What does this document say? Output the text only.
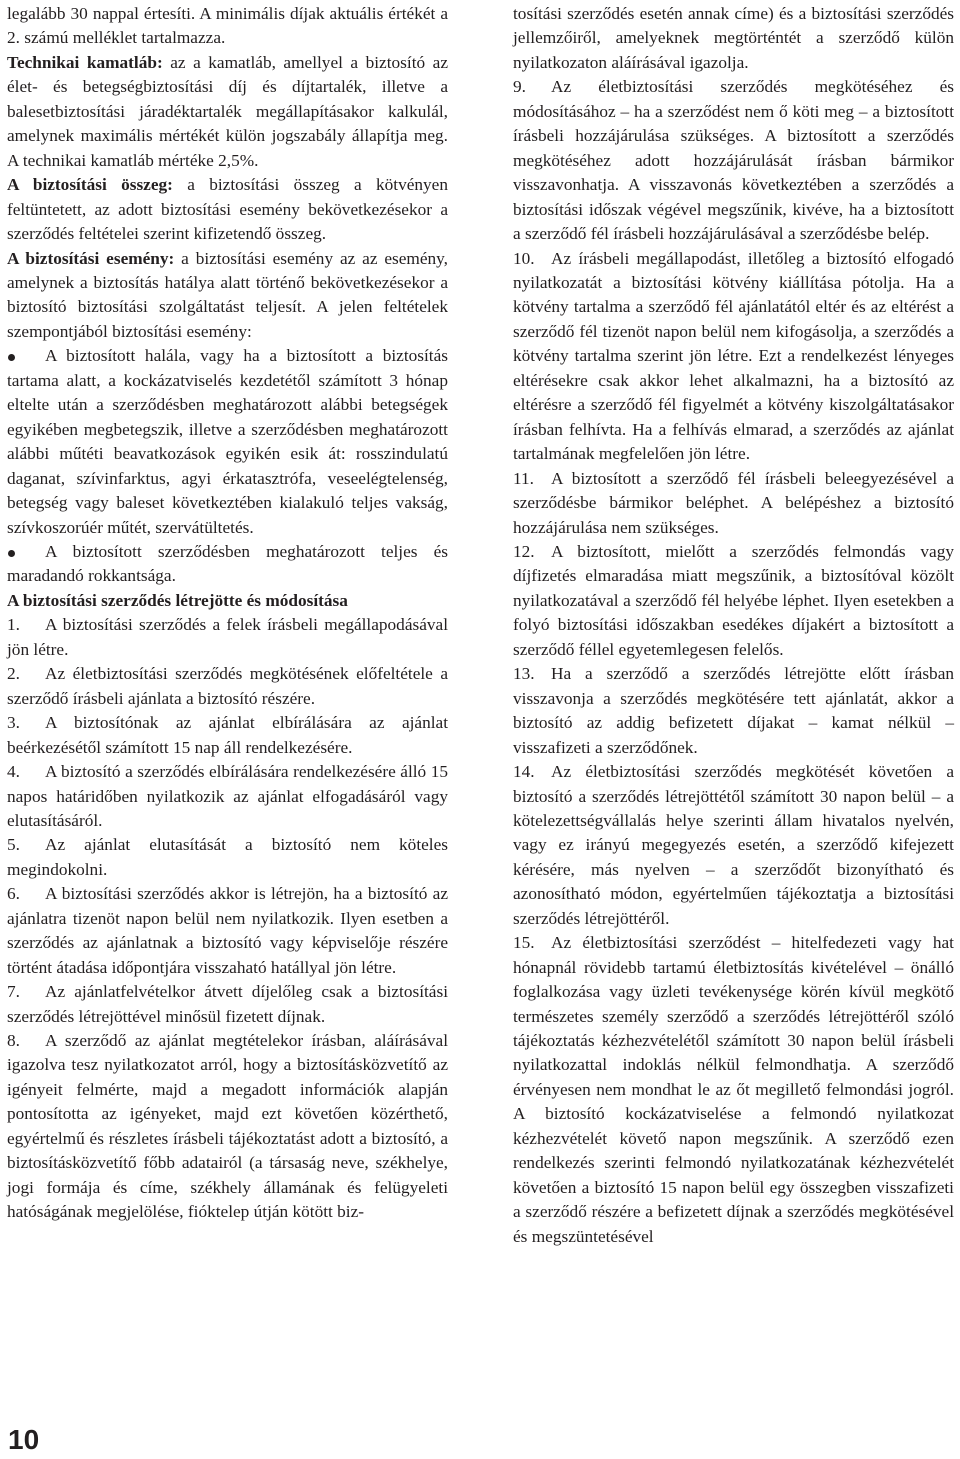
legalább 30 nappal értesíti. A minimális díjak aktuális értékét a 2. számú melléklet tartalmazza.

Technikai kamatláb: az a kamatláb, amellyel a biztosító az élet- és betegségbiztosítási díj és díjtartalék, illetve a balesetbiztosítási járadéktartalék megállapításakor kalkulál, amelynek maximális mértékét külön jogszabály állapítja meg. A technikai kamatláb mértéke 2,5%.

A biztosítási összeg: a biztosítási összeg a kötvényen feltüntetett, az adott biztosítási esemény bekövetkezésekor a szerződés feltételei szerint kifizetendő összeg.

A biztosítási esemény: a biztosítási esemény az az esemény, amelynek a biztosítás hatálya alatt történő bekövetkezésekor a biztosító biztosítási szolgáltatást teljesít. A jelen feltételek szempontjából biztosítási esemény:

A biztosított halála, vagy ha a biztosított a biztosítás tartama alatt, a kockázatviselés kezdetétől számított 3 hónap eltelte után a szerződésben meghatározott alábbi betegségek egyikében megbetegszik, illetve a szerződésben meghatározott alábbi műtéti beavatkozások egyikén esik át: rosszindulatú daganat, szívinfarktus, agyi érkatasztrófa, veseelégtelenség, betegség vagy baleset következtében kialakuló teljes vakság, szívkoszorúér műtét, szervátültetés.

A biztosított szerződésben meghatározott teljes és maradandó rokkantsága.

A biztosítási szerződés létrejötte és módosítása

1. A biztosítási szerződés a felek írásbeli megállapodásával jön létre.

2. Az életbiztosítási szerződés megkötésének előfeltétele a szerződő írásbeli ajánlata a biztosító részére.

3. A biztosítónak az ajánlat elbírálására az ajánlat beérkezésétől számított 15 nap áll rendelkezésére.

4. A biztosító a szerződés elbírálására rendelkezésére álló 15 napos határidőben nyilatkozik az ajánlat elfogadásáról vagy elutasításáról.

5. Az ajánlat elutasítását a biztosító nem köteles megindokolni.

6. A biztosítási szerződés akkor is létrejön, ha a biztosító az ajánlatra tizenöt napon belül nem nyilatkozik. Ilyen esetben a szerződés az ajánlatnak a biztosító vagy képviselője részére történt átadása időpontjára visszaható hatállyal jön létre.

7. Az ajánlatfelvételkor átvett díjelőleg csak a biztosítási szerződés létrejöttével minősül fizetett díjnak.

8. A szerződő az ajánlat megtételekor írásban, aláírásával igazolva tesz nyilatkozatot arról, hogy a biztosításközvetítő az igényeit felmérte, majd a megadott információk alapján pontosította az igényeket, majd ezt követően közérthető, egyértelmű és részletes írásbeli tájékoztatást adott a biztosító, a biztosításközvetítő főbb adatairól (a társaság neve, székhelye, jogi formája és címe, székhely államának és felügyeleti hatóságának megjelölése, fióktelep útján kötött biz-

tosítási szerződés esetén annak címe) és a biztosítási szerződés jellemzőiről, amelyeknek megtörténtét a szerződő külön nyilatkozaton aláírásával igazolja.

9. Az életbiztosítási szerződés megkötéséhez és módosításához – ha a szerződést nem ő köti meg – a biztosított írásbeli hozzájárulása szükséges. A biztosított a szerződés megkötéséhez adott hozzájárulását írásban bármikor visszavonhatja. A visszavonás következtében a szerződés a biztosítási időszak végével megszűnik, kivéve, ha a biztosított a szerződő fél írásbeli hozzájárulásával a szerződésbe belép.

10. Az írásbeli megállapodást, illetőleg a biztosító elfogadó nyilatkozatát a biztosítási kötvény kiállítása pótolja. Ha a kötvény tartalma a szerződő fél ajánlatától eltér és az eltérést a szerződő fél tizenöt napon belül nem kifogásolja, a szerződés a kötvény tartalma szerint jön létre. Ezt a rendelkezést lényeges eltérésekre csak akkor lehet alkalmazni, ha a biztosító az eltérésre a szerződő fél figyelmét a kötvény kiszolgáltatásakor írásban felhívta. Ha a felhívás elmarad, a szerződés az ajánlat tartalmának megfelelően jön létre.

11. A biztosított a szerződő fél írásbeli beleegyezésével a szerződésbe bármikor beléphet. A belépéshez a biztosító hozzájárulása nem szükséges.

12. A biztosított, mielőtt a szerződés felmondás vagy díjfizetés elmaradása miatt megszűnik, a biztosítóval közölt nyilatkozatával a szerződő fél helyébe léphet. Ilyen esetekben a folyó biztosítási időszakban esedékes díjakért a biztosított a szerződő féllel egyetemlegesen felelős.

13. Ha a szerződő a szerződés létrejötte előtt írásban visszavonja a szerződés megkötésére tett ajánlatát, akkor a biztosító az addig befizetett díjakat – kamat nélkül – visszafizeti a szerződőnek.

14. Az életbiztosítási szerződés megkötését követően a biztosító a szerződés létrejöttétől számított 30 napon belül – a kötelezettségvállalás helye szerinti állam hivatalos nyelvén, vagy ez irányú megegyezés esetén, a szerződő kifejezett kérésére, más nyelven – a szerződőt bizonyítható és azonosítható módon, egyértelműen tájékoztatja a biztosítási szerződés létrejöttéről.

15. Az életbiztosítási szerződést – hitelfedezeti vagy hat hónapnál rövidebb tartamú életbiztosítás kivételével – önálló foglalkozása vagy üzleti tevékenysége körén kívül megkötő természetes személy szerződő a szerződés létrejöttéről szóló tájékoztatás kézhezvételétől számított 30 napon belül írásbeli nyilatkozattal indoklás nélkül felmondhatja. A szerződő érvényesen nem mondhat le az őt megillető felmondási jogról. A biztosító kockázatviselése a felmondó nyilatkozat kézhezvételét követő napon megszűnik. A szerződő ezen rendelkezés szerinti felmondó nyilatkozatának kézhezvételét követően a biztosító 15 napon belül egy összegben visszafizeti a szerződő részére a befizetett díjnak a szerződés megkötésével és megszüntetésével

10
